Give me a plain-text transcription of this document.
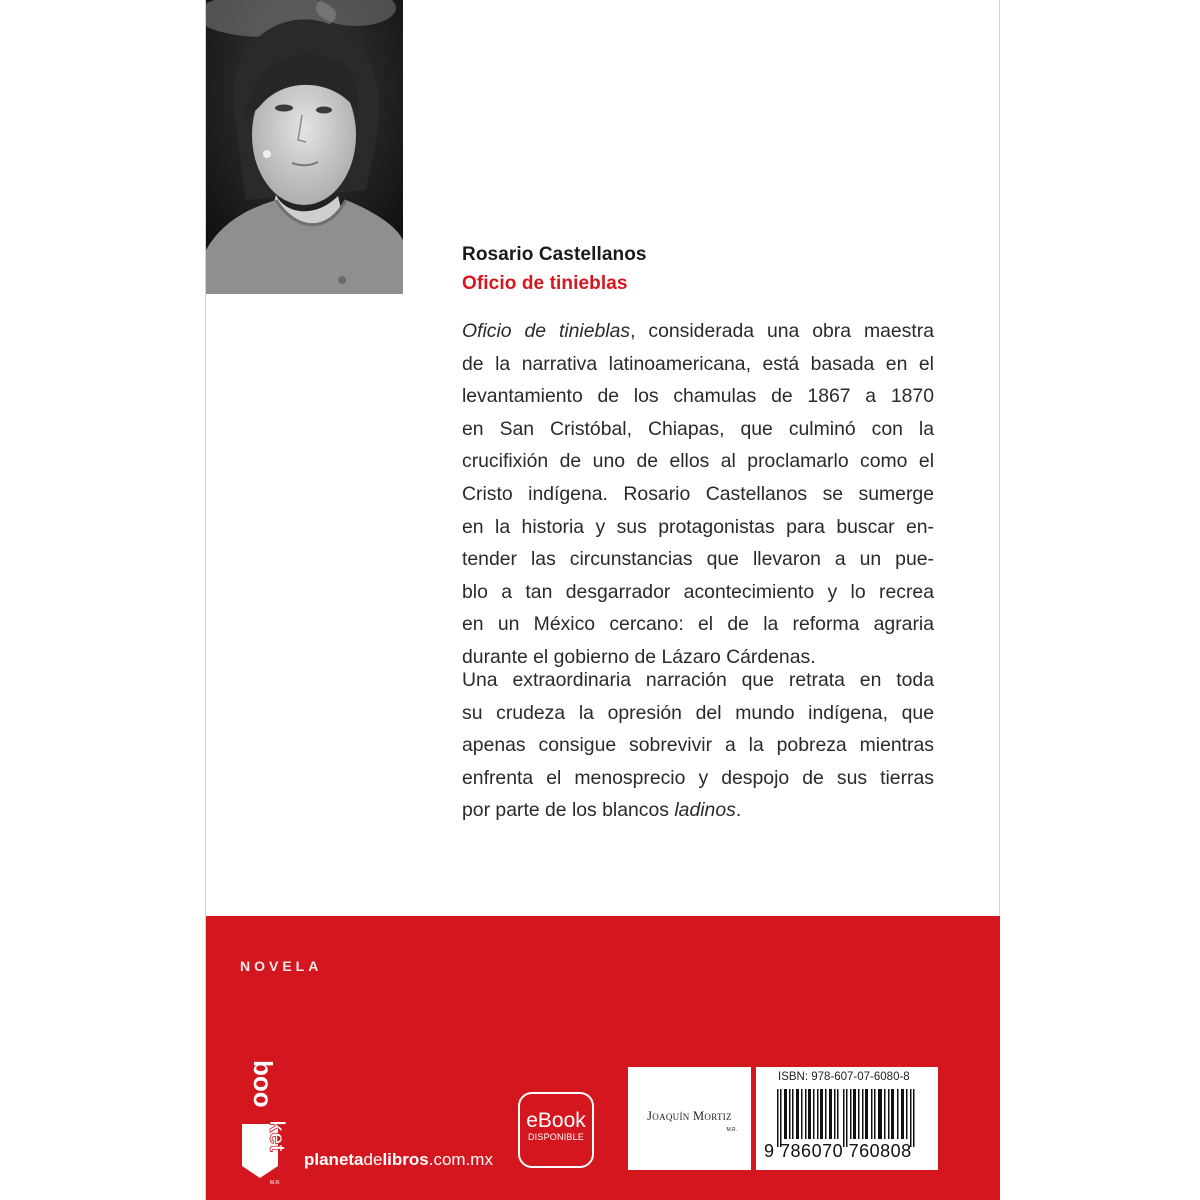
Rosario Castellanos
Oficio de tinieblas
Oficio de tinieblas, considerada una obra maestra
de la narrativa latinoamericana, está basada en el
levantamiento de los chamulas de 1867 a 1870
en San Cristóbal, Chiapas, que culminó con la
crucifixión de uno de ellos al proclamarlo como el
Cristo indígena. Rosario Castellanos se sumerge
en la historia y sus protagonistas para buscar en-
tender las circunstancias que llevaron a un pue-
blo a tan desgarrador acontecimiento y lo recrea
en un México cercano: el de la reforma agraria
durante el gobierno de Lázaro Cárdenas.
Una extraordinaria narración que retrata en toda
su crudeza la opresión del mundo indígena, que
apenas consigue sobrevivir a la pobreza mientras
enfrenta el menosprecio y despojo de sus tierras
por parte de los blancos ladinos.
NOVELA
boo
ket
M.R.
planetadelibros.com.mx
eBook
DISPONIBLE
Joaquín Mortiz
M.R.
ISBN: 978-607-07-6080-8
9 786070 760808
